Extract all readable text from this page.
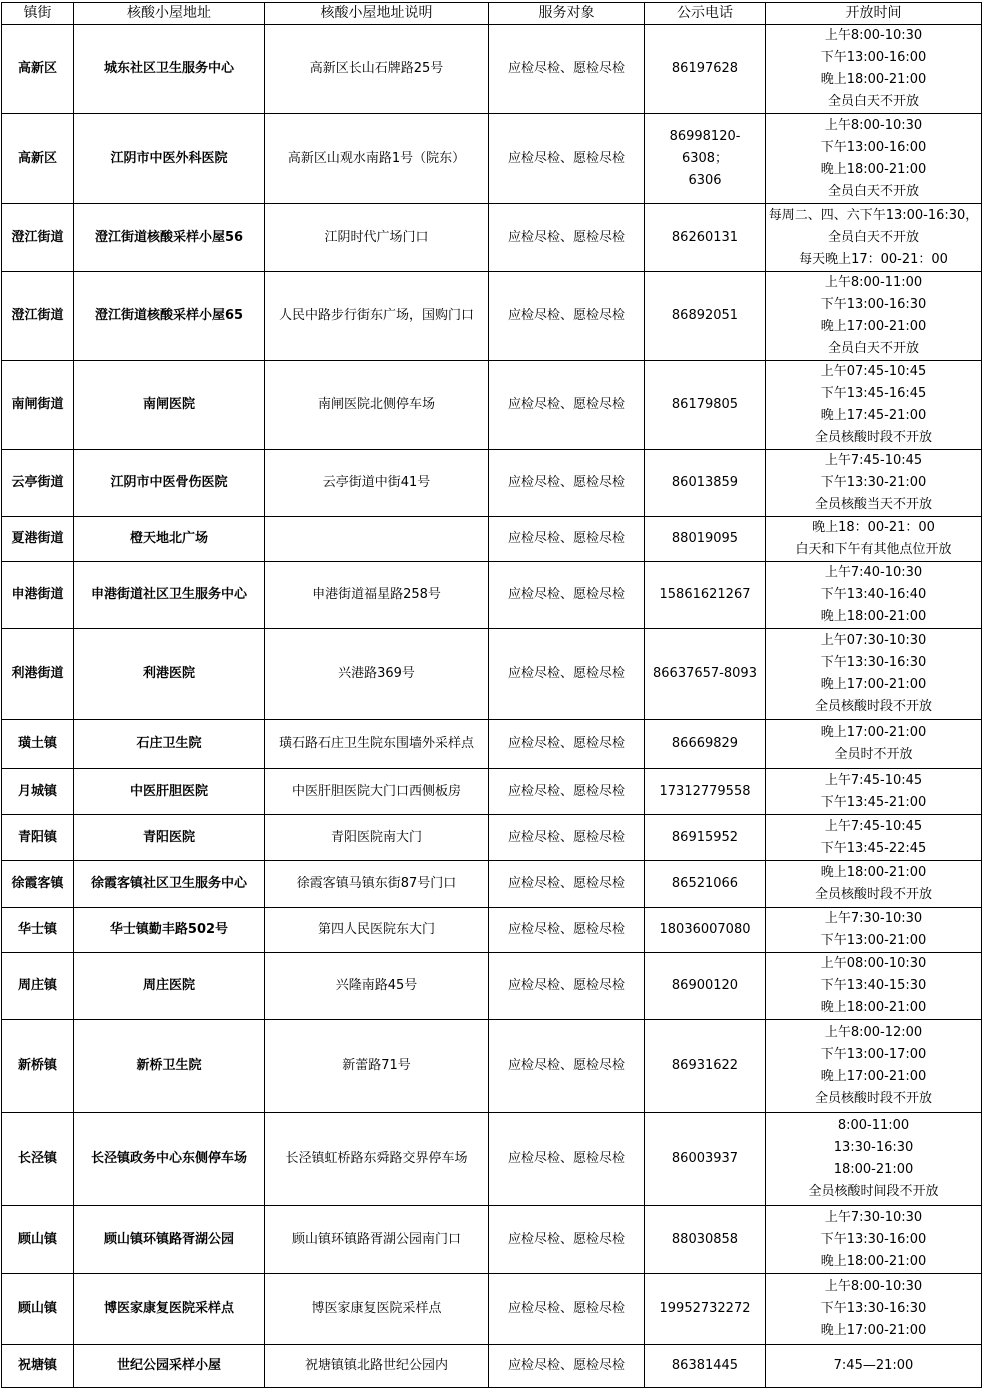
镇街	核酸小屋地址	核酸小屋地址说明	服务对象	公示电话	开放时间
高新区	城东社区卫生服务中心	高新区长山石牌路25号	应检尽检、愿检尽检	86197628	上午8:00-10:30
下午13:00-16:00
晚上18:00-21:00
全员白天不开放

高新区	江阴市中医外科医院	高新区山观水南路1号（院东）	应检尽检、愿检尽检	86998120-6308；
6306	上午8:00-10:30
下午13:00-16:00
晚上18:00-21:00
全员白天不开放

澄江街道	澄江街道核酸采样小屋56	江阴时代广场门口	应检尽检、愿检尽检	86260131	每周二、四、六下午13:00-16:30，
全员白天不开放
每天晚上17：00-21：00

澄江街道	澄江街道核酸采样小屋65	人民中路步行街东广场，国购门口	应检尽检、愿检尽检	86892051	上午8:00-11:00
下午13:00-16:30
晚上17:00-21:00
全员白天不开放

南闸街道	南闸医院	南闸医院北侧停车场	应检尽检、愿检尽检	86179805	上午07:45-10:45
下午13:45-16:45
晚上17:45-21:00
全员核酸时段不开放

云亭街道	江阴市中医骨伤医院	云亭街道中街41号	应检尽检、愿检尽检	86013859	上午7:45-10:45
下午13:30-21:00
全员核酸当天不开放

夏港街道	橙天地北广场		应检尽检、愿检尽检	88019095	晚上18：00-21：00
白天和下午有其他点位开放

申港街道	申港街道社区卫生服务中心	申港街道福星路258号	应检尽检、愿检尽检	15861621267	上午7:40-10:30
下午13:40-16:40
晚上18:00-21:00

利港街道	利港医院	兴港路369号	应检尽检、愿检尽检	86637657-8093	上午07:30-10:30
下午13:30-16:30
晚上17:00-21:00
全员核酸时段不开放

璜土镇	石庄卫生院	璜石路石庄卫生院东围墙外采样点	应检尽检、愿检尽检	86669829	晚上17:00-21:00
全员时不开放

月城镇	中医肝胆医院	中医肝胆医院大门口西侧板房	应检尽检、愿检尽检	17312779558	上午7:45-10:45
下午13:45-21:00

青阳镇	青阳医院	青阳医院南大门	应检尽检、愿检尽检	86915952	上午7:45-10:45
下午13:45-22:45

徐霞客镇	徐霞客镇社区卫生服务中心	徐霞客镇马镇东街87号门口	应检尽检、愿检尽检	86521066	晚上18:00-21:00
全员核酸时段不开放

华士镇	华士镇勤丰路502号	第四人民医院东大门	应检尽检、愿检尽检	18036007080	上午7:30-10:30
下午13:00-21:00

周庄镇	周庄医院	兴隆南路45号	应检尽检、愿检尽检	86900120	上午08:00-10:30
下午13:40-15:30
晚上18:00-21:00

新桥镇	新桥卫生院	新蕾路71号	应检尽检、愿检尽检	86931622	上午8:00-12:00
下午13:00-17:00
晚上17:00-21:00
全员核酸时段不开放

长泾镇	长泾镇政务中心东侧停车场	长泾镇虹桥路东舜路交界停车场	应检尽检、愿检尽检	86003937	8:00-11:00
13:30-16:30
18:00-21:00
全员核酸时间段不开放

顾山镇	顾山镇环镇路胥湖公园	顾山镇环镇路胥湖公园南门口	应检尽检、愿检尽检	88030858	上午7:30-10:30
下午13:30-16:00
晚上18:00-21:00

顾山镇	博医家康复医院采样点	博医家康复医院采样点	应检尽检、愿检尽检	19952732272	上午8:00-10:30
下午13:30-16:30
晚上17:00-21:00

祝塘镇	世纪公园采样小屋	祝塘镇镇北路世纪公园内	应检尽检、愿检尽检	86381445	7:45—21:00
